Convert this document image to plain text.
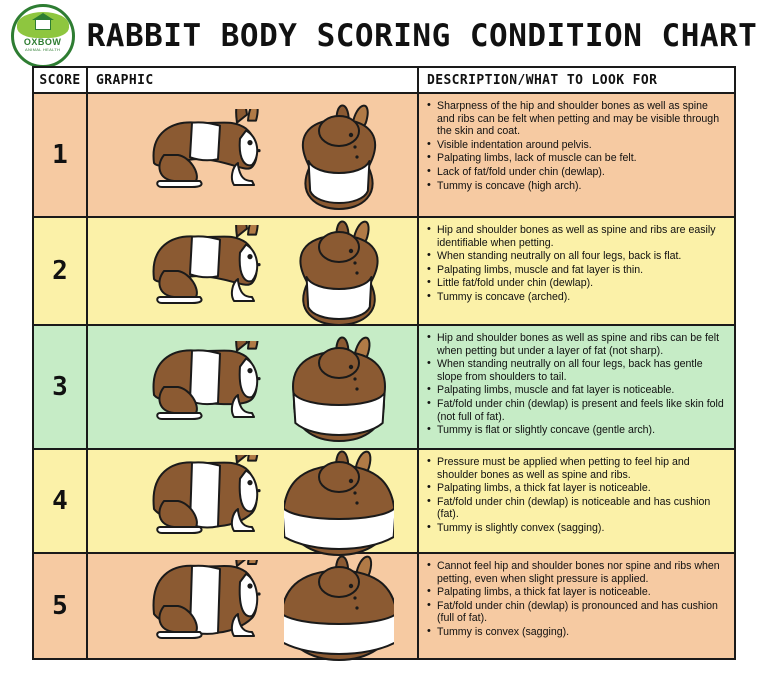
OXBOW
ANIMAL HEALTH RABBIT BODY SCORING CONDITION CHART
SCORE GRAPHIC	DESCRIPTION/WHAT TO LOOK FOR
1
• Sharpness of the hip and shoulder bones as well as spine and ribs can be felt when petting and may be visible through the skin and coat.
• Visible indentation around pelvis.
• Palpating limbs, lack of muscle can be felt.
• Lack of fat/fold under chin (dewlap).
• Tummy is concave (high arch).
2
• Hip and shoulder bones as well as spine and ribs are easily identifiable when petting.
• When standing neutrally on all four legs, back is flat.
• Palpating limbs, muscle and fat layer is thin.
• Little fat/fold under chin (dewlap).
• Tummy is concave (arched).
3
• Hip and shoulder bones as well as spine and ribs can be felt when petting but under a layer of fat (not sharp).
• When standing neutrally on all four legs, back has gentle slope from shoulders to tail.
• Palpating limbs, muscle and fat layer is noticeable.
• Fat/fold under chin (dewlap) is present and feels like skin fold (not full of fat).
• Tummy is flat or slightly concave (gentle arch).
4
• Pressure must be applied when petting to feel hip and shoulder bones as well as spine and ribs.
• Palpating limbs, a thick fat layer is noticeable.
• Fat/fold under chin (dewlap) is noticeable and has cushion (fat).
• Tummy is slightly convex (sagging).
5
• Cannot feel hip and shoulder bones nor spine and ribs when petting, even when slight pressure is applied.
• Palpating limbs, a thick fat layer is noticeable.
• Fat/fold under chin (dewlap) is pronounced and has cushion (full of fat).
• Tummy is convex (sagging).
